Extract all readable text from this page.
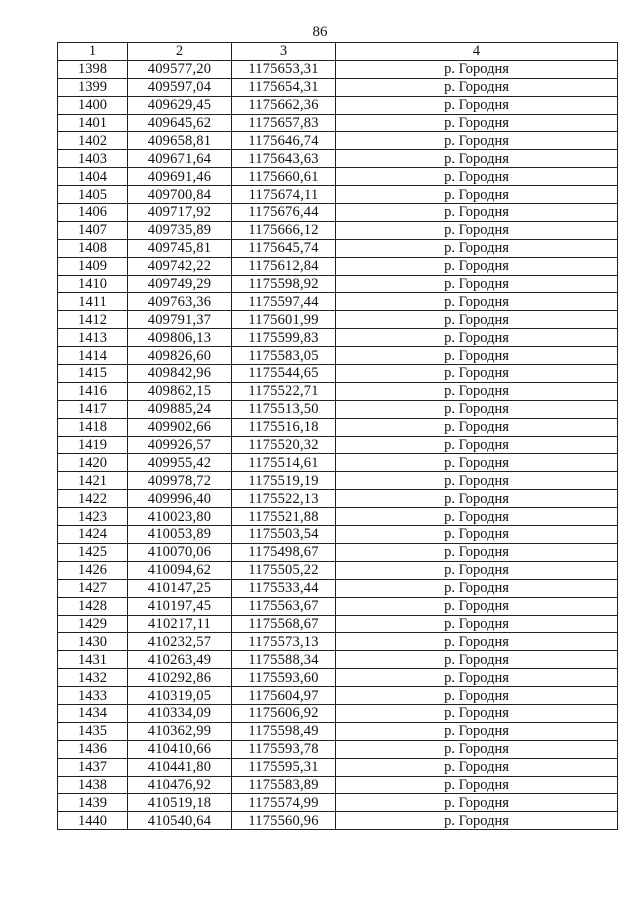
86
1	2	3	4
1398	409577,20	1175653,31	р. Городня
1399	409597,04	1175654,31	р. Городня
1400	409629,45	1175662,36	р. Городня
1401	409645,62	1175657,83	р. Городня
1402	409658,81	1175646,74	р. Городня
1403	409671,64	1175643,63	р. Городня
1404	409691,46	1175660,61	р. Городня
1405	409700,84	1175674,11	р. Городня
1406	409717,92	1175676,44	р. Городня
1407	409735,89	1175666,12	р. Городня
1408	409745,81	1175645,74	р. Городня
1409	409742,22	1175612,84	р. Городня
1410	409749,29	1175598,92	р. Городня
1411	409763,36	1175597,44	р. Городня
1412	409791,37	1175601,99	р. Городня
1413	409806,13	1175599,83	р. Городня
1414	409826,60	1175583,05	р. Городня
1415	409842,96	1175544,65	р. Городня
1416	409862,15	1175522,71	р. Городня
1417	409885,24	1175513,50	р. Городня
1418	409902,66	1175516,18	р. Городня
1419	409926,57	1175520,32	р. Городня
1420	409955,42	1175514,61	р. Городня
1421	409978,72	1175519,19	р. Городня
1422	409996,40	1175522,13	р. Городня
1423	410023,80	1175521,88	р. Городня
1424	410053,89	1175503,54	р. Городня
1425	410070,06	1175498,67	р. Городня
1426	410094,62	1175505,22	р. Городня
1427	410147,25	1175533,44	р. Городня
1428	410197,45	1175563,67	р. Городня
1429	410217,11	1175568,67	р. Городня
1430	410232,57	1175573,13	р. Городня
1431	410263,49	1175588,34	р. Городня
1432	410292,86	1175593,60	р. Городня
1433	410319,05	1175604,97	р. Городня
1434	410334,09	1175606,92	р. Городня
1435	410362,99	1175598,49	р. Городня
1436	410410,66	1175593,78	р. Городня
1437	410441,80	1175595,31	р. Городня
1438	410476,92	1175583,89	р. Городня
1439	410519,18	1175574,99	р. Городня
1440	410540,64	1175560,96	р. Городня
